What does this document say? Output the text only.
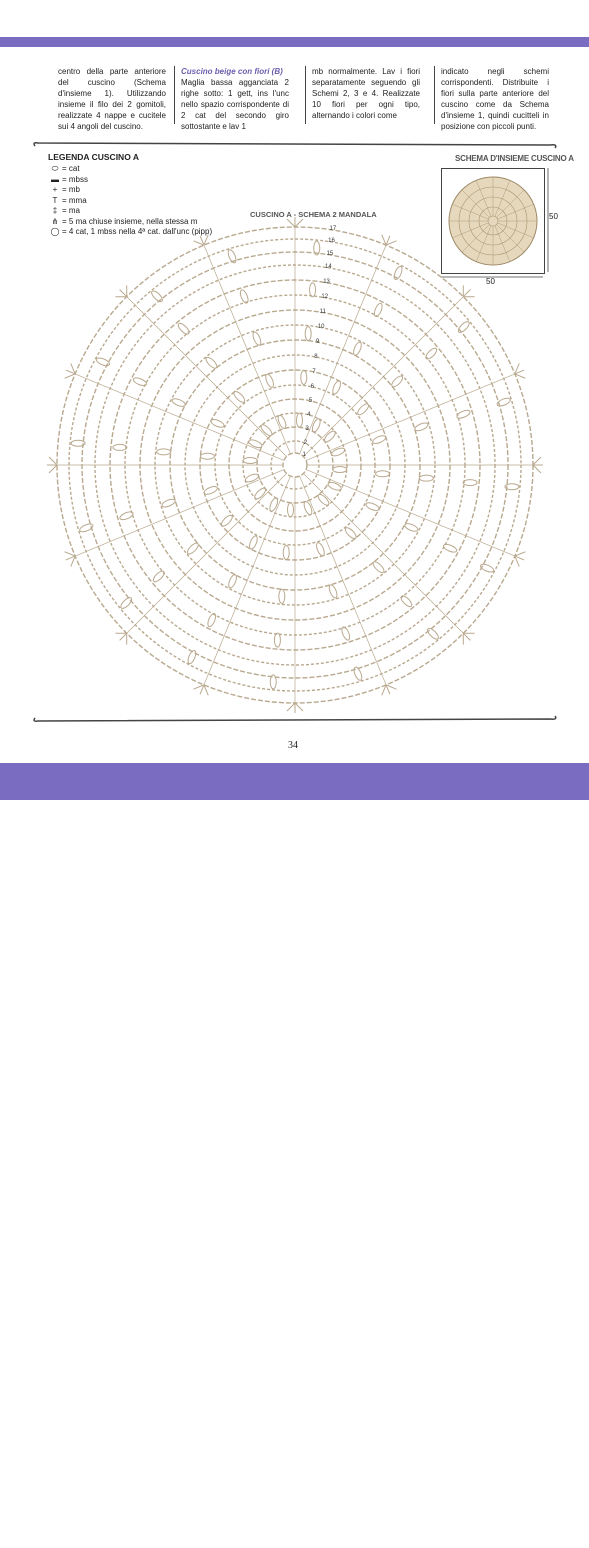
centro della parte anteriore del cuscino (Schema d'insieme 1). Utilizzando insieme il filo dei 2 gomitoli, realizzate 4 nappe e cucitele sui 4 angoli del cuscino.
Cuscino beige con fiori (B)
Maglia bassa agganciata 2 righe sotto: 1 gett, ins l'unc nello spazio corrispondente di 2 cat del secondo giro sottostante e lav 1
mb normalmente. Lav i fiori separatamente seguendo gli Schemi 2, 3 e 4. Realizzate 10 fiori per ogni tipo, alternando i colori come
indicato negli schemi corrispondenti. Distribuite i fiori sulla parte anteriore del cuscino come da Schema d'insieme 1, quindi cucitteli in posizione con piccoli punti.
LEGENDA CUSCINO A
⬭ = cat
▬ = mbss
+ = mb
T = mma
‡ = ma
⋔ = 5 ma chiuse insieme, nella stessa m
◯ = 4 cat, 1 mbss nella 4ª cat. dall'unc (pipp)
SCHEMA D'INSIEME CUSCINO A
50
50
CUSCINO A - SCHEMA 2 MANDALA
1
2
3
4
5
6
7
8
9
10
11
12
13
14
15
16
17
34
PassionForum.ru
